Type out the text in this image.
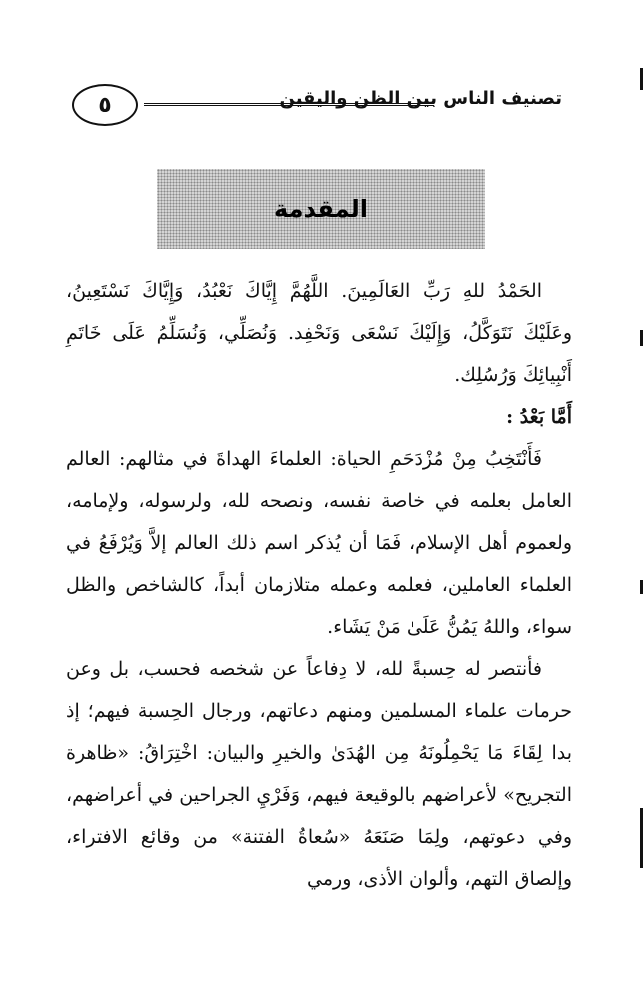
٥	تصنيف الناس بين الظن واليقين
المقدمة

الحَمْدُ للهِ رَبِّ العَالَمِينَ. اللَّهُمَّ إِيَّاكَ نَعْبُدُ، وَإِيَّاكَ نَسْتَعِينُ، وعَلَيْكَ نَتَوَكَّلُ، وَإِلَيْكَ نَسْعَى وَنَحْفِد. وَنُصَلِّي، وَنُسَلِّمُ عَلَى خَاتَمِ أَنْبِيائِكَ وَرُسُلِك.

أَمَّا بَعْدُ :

فَأَنْتَخِبُ مِنْ مُزْدَحَمِ الحياة: العلماءَ الهداةَ في مثالهم: العالم العامل بعلمه في خاصة نفسه، ونصحه لله، ولرسوله، ولإمامه، ولعموم أهل الإسلام، فَمَا أن يُذكر اسم ذلك العالم إلاَّ وَيُرْفَعُ في العلماء العاملين، فعلمه وعمله متلازمان أبداً، كالشاخص والظل سواء، واللهُ يَمُنُّ عَلَىٰ مَنْ يَشَاء.

فأنتصر له حِسبةً لله، لا دِفاعاً عن شخصه فحسب، بل وعن حرمات علماء المسلمين ومنهم دعاتهم، ورجال الحِسبة فيهم؛ إذ بدا لِقَاءَ مَا يَحْمِلُونَهُ مِن الهُدَىٰ والخيرِ والبيان: اخْتِرَاقُ: «ظاهرة التجريح» لأعراضهم بالوقيعة فيهم، وَفَرْيِ الجراحين في أعراضهم، وفي دعوتهم، ولِمَا صَنَعَهُ «سُعاةُ الفتنة» من وقائع الافتراء، وإلصاق التهم، وألوان الأذى، ورمي
